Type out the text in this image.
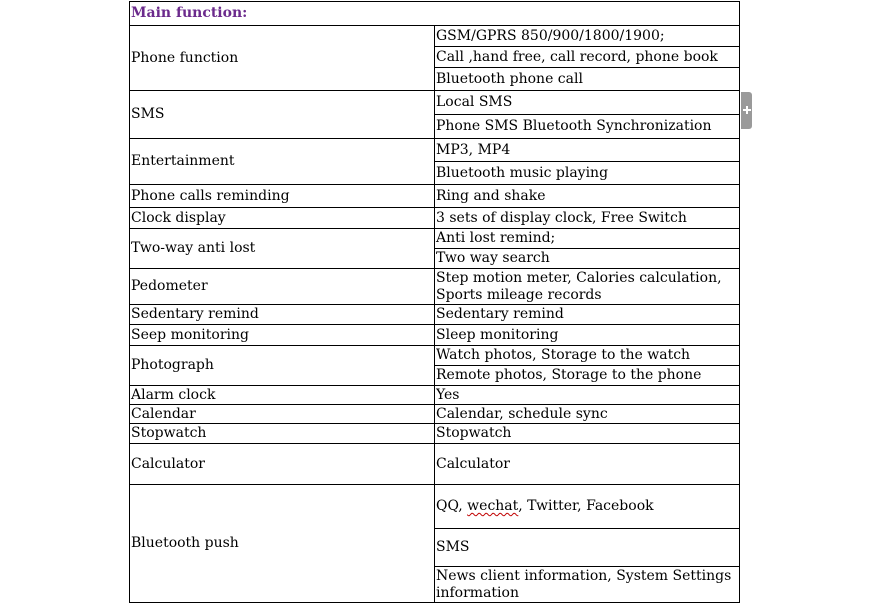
Main function:	
Phone function	GSM/GPRS 850/900/1800/1900;
	Call ,hand free, call record, phone book
	Bluetooth phone call
SMS	Local SMS
	Phone SMS Bluetooth Synchronization
Entertainment	MP3, MP4
	Bluetooth music playing
Phone calls reminding	Ring and shake
Clock display	3 sets of display clock, Free Switch
Two-way anti lost	Anti lost remind;
	Two way search
Pedometer	Step motion meter, Calories calculation, Sports mileage records
Sedentary remind	Sedentary remind
Seep monitoring	Sleep monitoring
Photograph	Watch photos, Storage to the watch
	Remote photos, Storage to the phone
Alarm clock	Yes
Calendar	Calendar, schedule sync
Stopwatch	Stopwatch
Calculator	Calculator
Bluetooth push	QQ, wechat, Twitter, Facebook
	SMS
	News client information, System Settings information
